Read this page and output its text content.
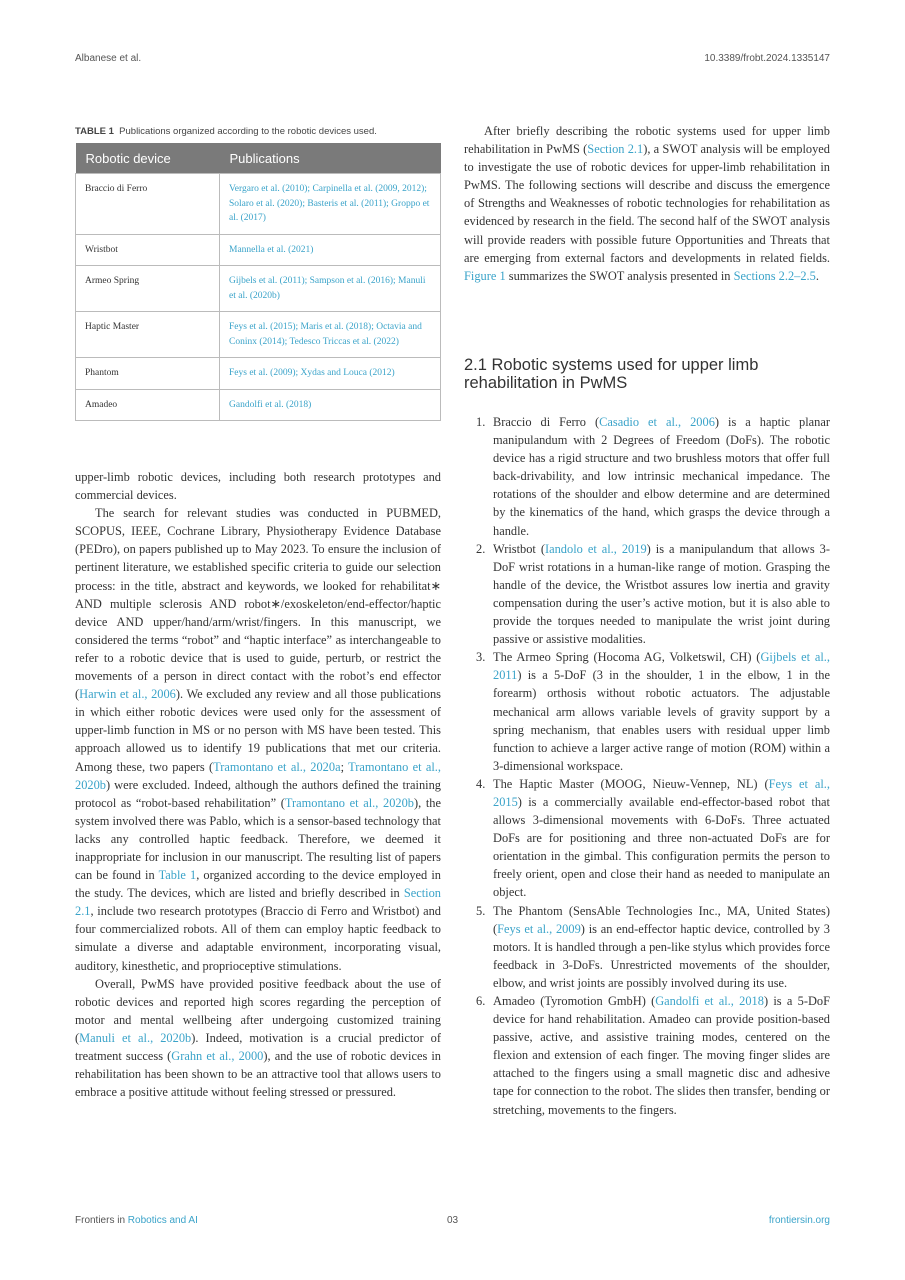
Albanese et al.	10.3389/frobt.2024.1335147
TABLE 1 Publications organized according to the robotic devices used.
Robotic device	Publications
Braccio di Ferro	Vergaro et al. (2010); Carpinella et al. (2009, 2012); Solaro et al. (2020); Basteris et al. (2011); Groppo et al. (2017)
Wristbot	Mannella et al. (2021)
Armeo Spring	Gijbels et al. (2011); Sampson et al. (2016); Manuli et al. (2020b)
Haptic Master	Feys et al. (2015); Maris et al. (2018); Octavia and Coninx (2014); Tedesco Triccas et al. (2022)
Phantom	Feys et al. (2009); Xydas and Louca (2012)
Amadeo	Gandolfi et al. (2018)

upper-limb robotic devices, including both research prototypes and commercial devices.

The search for relevant studies was conducted in PUBMED, SCOPUS, IEEE, Cochrane Library, Physiotherapy Evidence Database (PEDro), on papers published up to May 2023. To ensure the inclusion of pertinent literature, we established specific criteria to guide our selection process: in the title, abstract and keywords, we looked for rehabilitat∗ AND multiple sclerosis AND robot∗/exoskeleton/end-effector/haptic device AND upper/hand/arm/wrist/fingers. In this manuscript, we considered the terms “robot” and “haptic interface” as interchangeable to refer to a robotic device that is used to guide, perturb, or restrict the movements of a person in direct contact with the robot’s end effector (Harwin et al., 2006). We excluded any review and all those publications in which either robotic devices were used only for the assessment of upper-limb function in MS or no person with MS have been tested. This approach allowed us to identify 19 publications that met our criteria. Among these, two papers (Tramontano et al., 2020a; Tramontano et al., 2020b) were excluded. Indeed, although the authors defined the training protocol as “robot-based rehabilitation” (Tramontano et al., 2020b), the system involved there was Pablo, which is a sensor-based technology that lacks any controlled haptic feedback. Therefore, we deemed it inappropriate for inclusion in our manuscript. The resulting list of papers can be found in Table 1, organized according to the device employed in the study. The devices, which are listed and briefly described in Section 2.1, include two research prototypes (Braccio di Ferro and Wristbot) and four commercialized robots. All of them can employ haptic feedback to simulate a diverse and adaptable environment, incorporating visual, auditory, kinesthetic, and proprioceptive stimulations.

Overall, PwMS have provided positive feedback about the use of robotic devices and reported high scores regarding the perception of motor and mental wellbeing after undergoing customized training (Manuli et al., 2020b). Indeed, motivation is a crucial predictor of treatment success (Grahn et al., 2000), and the use of robotic devices in rehabilitation has been shown to be an attractive tool that allows users to embrace a positive attitude without feeling stressed or pressured.

After briefly describing the robotic systems used for upper limb rehabilitation in PwMS (Section 2.1), a SWOT analysis will be employed to investigate the use of robotic devices for upper-limb rehabilitation in PwMS. The following sections will describe and discuss the emergence of Strengths and Weaknesses of robotic technologies for rehabilitation as evidenced by research in the field. The second half of the SWOT analysis will provide readers with possible future Opportunities and Threats that are emerging from external factors and developments in related fields. Figure 1 summarizes the SWOT analysis presented in Sections 2.2–2.5.

2.1 Robotic systems used for upper limb rehabilitation in PwMS
1. Braccio di Ferro (Casadio et al., 2006) is a haptic planar manipulandum with 2 Degrees of Freedom (DoFs). The robotic device has a rigid structure and two brushless motors that offer full back-drivability, and low intrinsic mechanical impedance. The rotations of the shoulder and elbow determine and are determined by the kinematics of the hand, which grasps the device through a handle.
2. Wristbot (Iandolo et al., 2019) is a manipulandum that allows 3-DoF wrist rotations in a human-like range of motion. Grasping the handle of the device, the Wristbot assures low inertia and gravity compensation during the user’s active motion, but it is also able to provide the torques needed to manipulate the wrist joint during passive or assistive modalities.
3. The Armeo Spring (Hocoma AG, Volketswil, CH) (Gijbels et al., 2011) is a 5-DoF (3 in the shoulder, 1 in the elbow, 1 in the forearm) orthosis without robotic actuators. The adjustable mechanical arm allows variable levels of gravity support by a spring mechanism, that enables users with residual upper limb function to achieve a larger active range of motion (ROM) within a 3-dimensional workspace.
4. The Haptic Master (MOOG, Nieuw-Vennep, NL) (Feys et al., 2015) is a commercially available end-effector-based robot that allows 3-dimensional movements with 6-DoFs. Three actuated DoFs are for positioning and three non-actuated DoFs are for orientation in the gimbal. This configuration permits the person to freely orient, open and close their hand as needed to manipulate an object.
5. The Phantom (SensAble Technologies Inc., MA, United States) (Feys et al., 2009) is an end-effector haptic device, controlled by 3 motors. It is handled through a pen-like stylus which provides force feedback in 3-DoFs. Unrestricted movements of the shoulder, elbow, and wrist joints are possibly involved during its use.
6. Amadeo (Tyromotion GmbH) (Gandolfi et al., 2018) is a 5-DoF device for hand rehabilitation. Amadeo can provide position-based passive, active, and assistive training modes, centered on the flexion and extension of each finger. The moving finger slides are attached to the fingers using a small magnetic disc and adhesive tape for connection to the robot. The slides then transfer, bending or stretching, movements to the fingers.
Frontiers in Robotics and AI	03	frontiersin.org
